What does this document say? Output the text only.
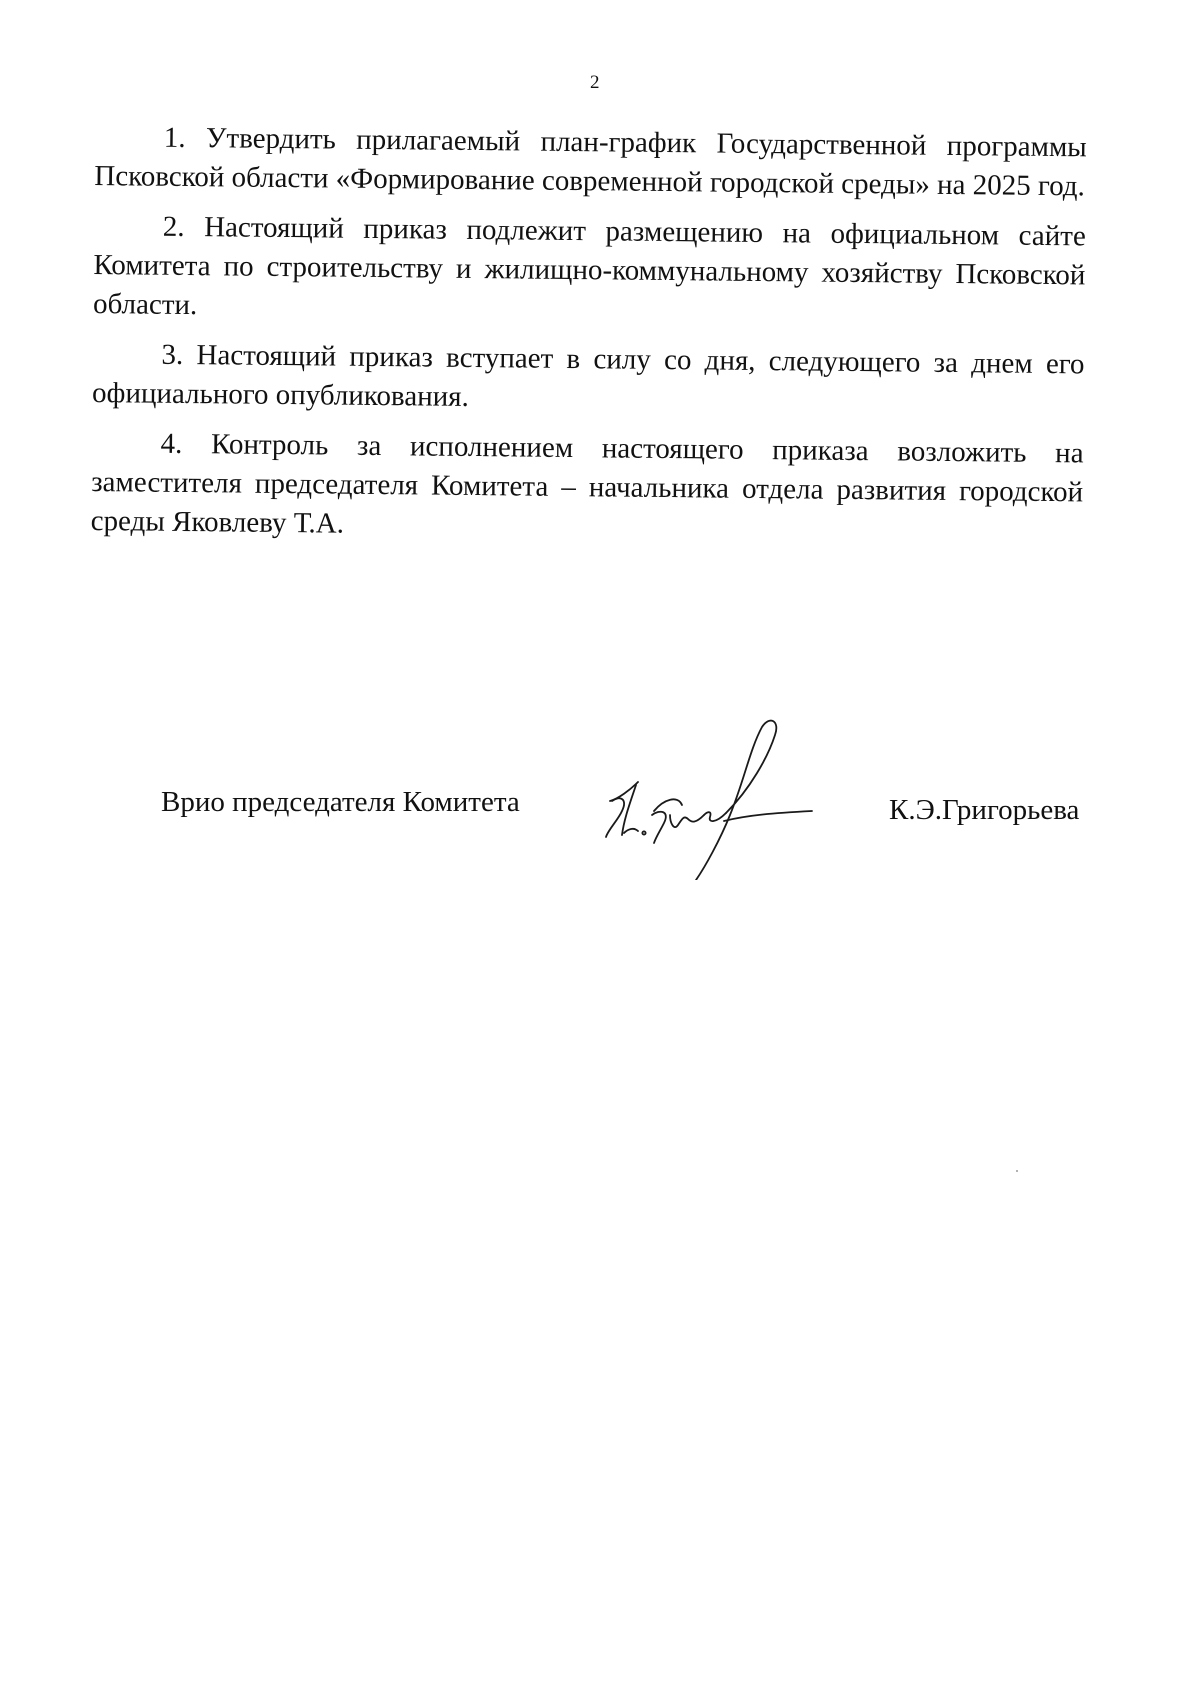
2

1. Утвердить прилагаемый план-график Государственной программы Псковской области «Формирование современной городской среды» на 2025 год.

2. Настоящий приказ подлежит размещению на официальном сайте Комитета по строительству и жилищно-коммунальному хозяйству Псковской области.

3. Настоящий приказ вступает в силу со дня, следующего за днем его официального опубликования.

4. Контроль за исполнением настоящего приказа возложить на заместителя председателя Комитета – начальника отдела развития городской среды Яковлеву Т.А.

Врио председателя Комитета	К.Э.Григорьева
